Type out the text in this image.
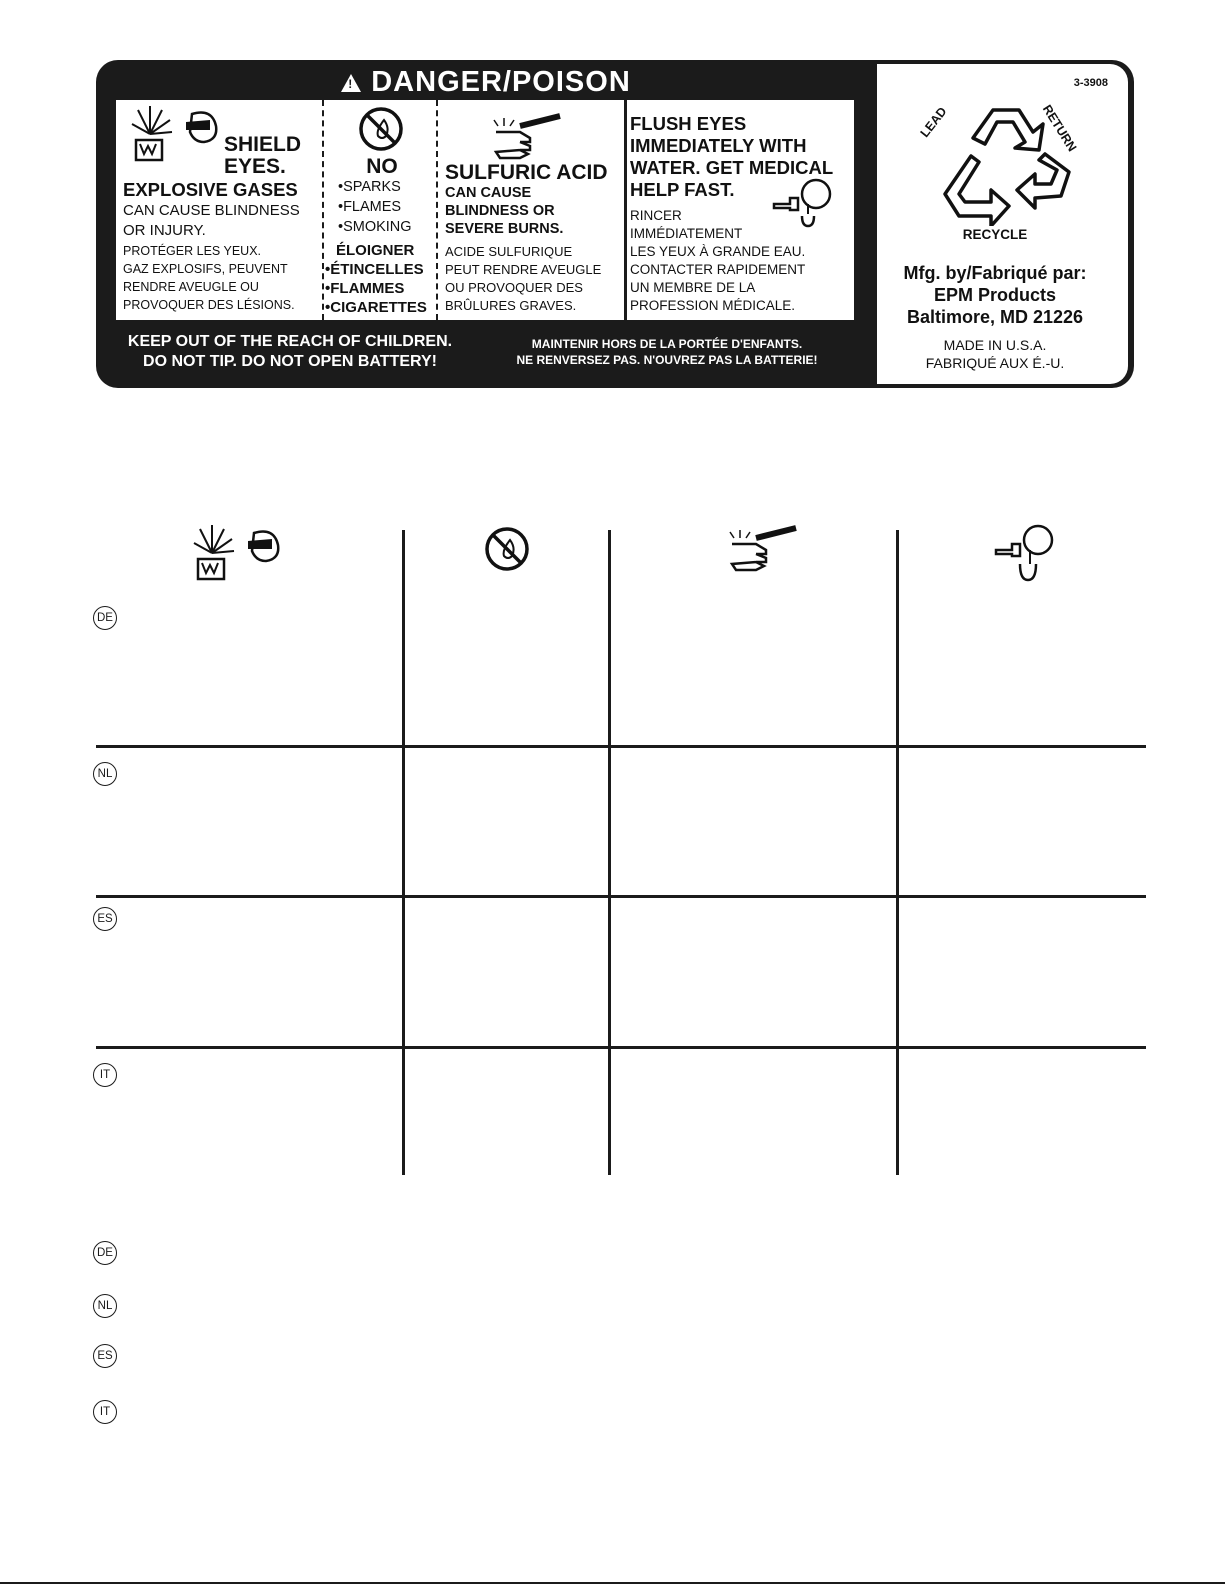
!DANGER/POISON
SHIELD
EYES.
EXPLOSIVE GASES
CAN CAUSE BLINDNESS
OR INJURY.
PROTÉGER LES YEUX.
GAZ EXPLOSIFS, PEUVENT
RENDRE AVEUGLE OU
PROVOQUER DES LÉSIONS.
NO
•SPARKS
•FLAMES
•SMOKING
ÉLOIGNER
•ÉTINCELLES
•FLAMMES
•CIGARETTES
SULFURIC ACID
CAN CAUSE
BLINDNESS OR
SEVERE BURNS.
ACIDE SULFURIQUE
PEUT RENDRE AVEUGLE
OU PROVOQUER DES
BRÛLURES GRAVES.
FLUSH EYES
IMMEDIATELY WITH
WATER. GET MEDICAL
HELP FAST.
RINCER
IMMÉDIATEMENT
LES YEUX À GRANDE EAU.
CONTACTER RAPIDEMENT
UN MEMBRE DE LA
PROFESSION MÉDICALE.
KEEP OUT OF THE REACH OF CHILDREN.
DO NOT TIP. DO NOT OPEN BATTERY!
MAINTENIR HORS DE LA PORTÉE D'ENFANTS.
NE RENVERSEZ PAS. N'OUVREZ PAS LA BATTERIE!
3-3908
LEAD	RETURN
RECYCLE
Mfg. by/Fabriqué par:
EPM Products
Baltimore, MD 21226
MADE IN U.S.A.
FABRIQUÉ AUX É.-U.
DE
NL
ES
IT
DE
NL
ES
IT
